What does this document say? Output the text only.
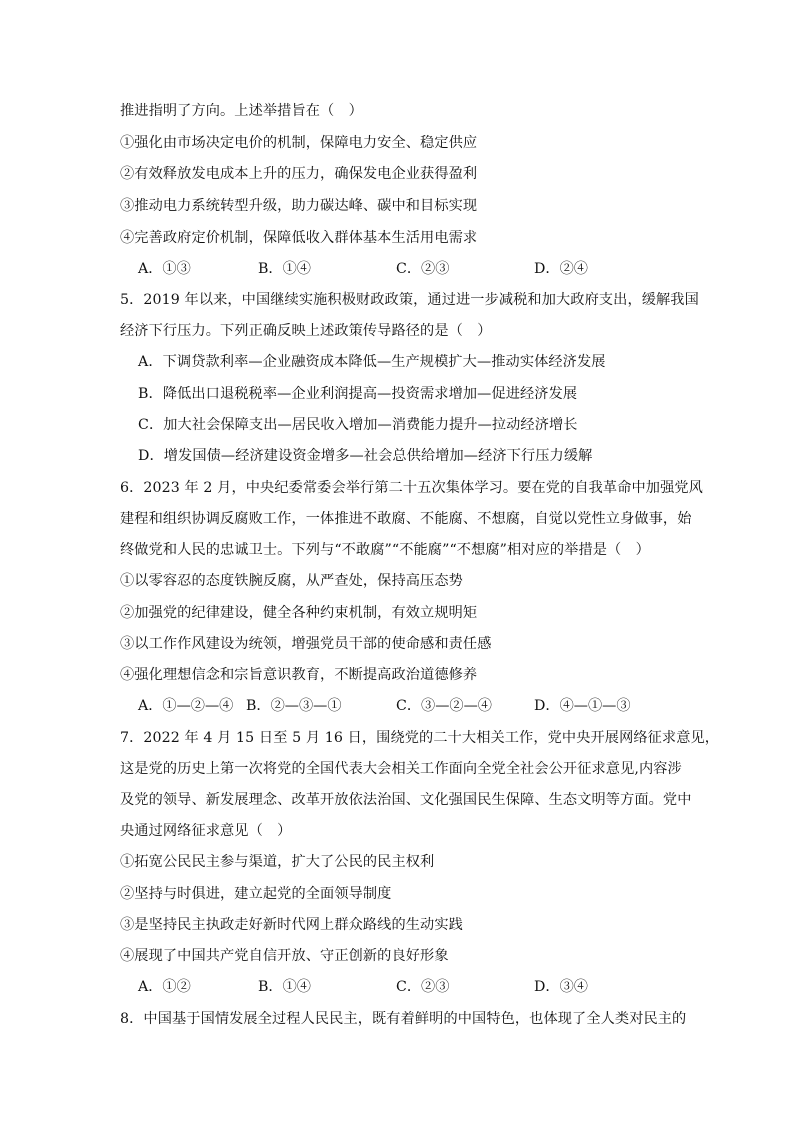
推进指明了方向。上述举措旨在（　）
①强化由市场决定电价的机制，保障电力安全、稳定供应
②有效释放发电成本上升的压力，确保发电企业获得盈利
③推动电力系统转型升级，助力碳达峰、碳中和目标实现
④完善政府定价机制，保障低收入群体基本生活用电需求
A．①③	B．①④	C．②③	D．②④
5．2019 年以来，中国继续实施积极财政政策，通过进一步减税和加大政府支出，缓解我国
经济下行压力。下列正确反映上述政策传导路径的是（　）
A．下调贷款利率—企业融资成本降低—生产规模扩大—推动实体经济发展
B．降低出口退税税率—企业利润提高—投资需求增加—促进经济发展
C．加大社会保障支出—居民收入增加—消费能力提升—拉动经济增长
D．增发国债—经济建设资金增多—社会总供给增加—经济下行压力缓解
6．2023 年 2 月，中央纪委常委会举行第二十五次集体学习。要在党的自我革命中加强党风
建程和组织协调反腐败工作，一体推进不敢腐、不能腐、不想腐，自觉以党性立身做事，始
终做党和人民的忠诚卫士。下列与“不敢腐”“不能腐”“不想腐”相对应的举措是（　）
①以零容忍的态度铁腕反腐，从严查处，保持高压态势
②加强党的纪律建设，健全各种约束机制，有效立规明矩
③以工作作风建设为统领，增强党员干部的使命感和责任感
④强化理想信念和宗旨意识教育，不断提高政治道德修养
A．①—②—④ B．②—③—①	C．③—②—④	D．④—①—③
7．2022 年 4 月 15 日至 5 月 16 日，围绕党的二十大相关工作，党中央开展网络征求意见，
这是党的历史上第一次将党的全国代表大会相关工作面向全党全社会公开征求意见,内容涉
及党的领导、新发展理念、改革开放依法治国、文化强国民生保障、生态文明等方面。党中
央通过网络征求意见（　）
①拓宽公民民主参与渠道，扩大了公民的民主权利
②坚持与时俱进，建立起党的全面领导制度
③是坚持民主执政走好新时代网上群众路线的生动实践
④展现了中国共产党自信开放、守正创新的良好形象
A．①②	B．①④	C．②③	D．③④
8．中国基于国情发展全过程人民民主，既有着鲜明的中国特色，也体现了全人类对民主的
